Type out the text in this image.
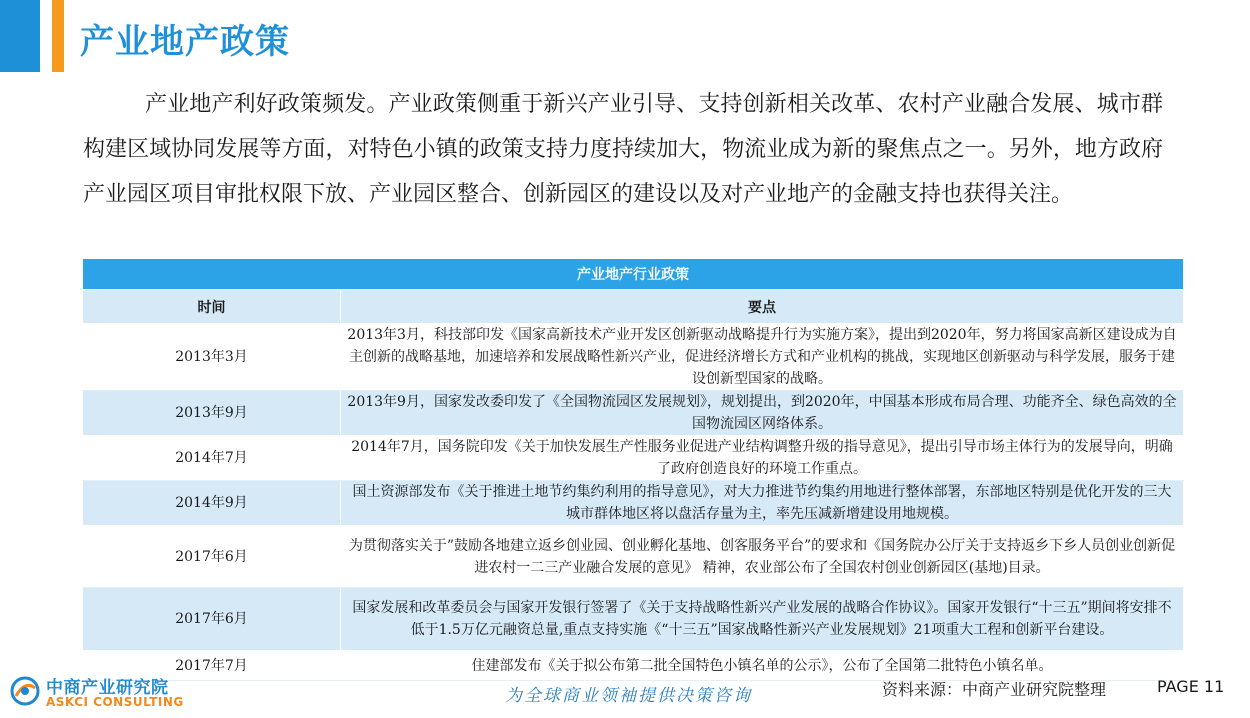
产业地产政策

产业地产利好政策频发。产业政策侧重于新兴产业引导、支持创新相关改革、农村产业融合发展、城市群构建区域协同发展等方面，对特色小镇的政策支持力度持续加大，物流业成为新的聚焦点之一。另外，地方政府产业园区项目审批权限下放、产业园区整合、创新园区的建设以及对产业地产的金融支持也获得关注。

产业地产行业政策	
时间	要点
2013年3月	2013年3月，科技部印发《国家高新技术产业开发区创新驱动战略提升行为实施方案》，提出到2020年，努力将国家高新区建设成为自主创新的战略基地，加速培养和发展战略性新兴产业，促进经济增长方式和产业机构的挑战，实现地区创新驱动与科学发展，服务于建设创新型国家的战略。
2013年9月	2013年9月，国家发改委印发了《全国物流园区发展规划》，规划提出，到2020年，中国基本形成布局合理、功能齐全、绿色高效的全国物流园区网络体系。
2014年7月	2014年7月，国务院印发《关于加快发展生产性服务业促进产业结构调整升级的指导意见》，提出引导市场主体行为的发展导向，明确了政府创造良好的环境工作重点。
2014年9月	国土资源部发布《关于推进土地节约集约利用的指导意见》，对大力推进节约集约用地进行整体部署，东部地区特别是优化开发的三大城市群体地区将以盘活存量为主，率先压减新增建设用地规模。
2017年6月	为贯彻落实关于”鼓励各地建立返乡创业园、创业孵化基地、创客服务平台”的要求和《国务院办公厅关于支持返乡下乡人员创业创新促进农村一二三产业融合发展的意见》 精神，农业部公布了全国农村创业创新园区(基地)目录。
2017年6月	国家发展和改革委员会与国家开发银行签署了《关于支持战略性新兴产业发展的战略合作协议》。国家开发银行“十三五”期间将安排不低于1.5万亿元融资总量,重点支持实施《“十三五”国家战略性新兴产业发展规划》21项重大工程和创新平台建设。
2017年7月	住建部发布《关于拟公布第二批全国特色小镇名单的公示》，公布了全国第二批特色小镇名单。
中商产业研究院
ASKCI CONSULTING	为全球商业领袖提供决策咨询	资料来源：中商产业研究院整理	PAGE 11
